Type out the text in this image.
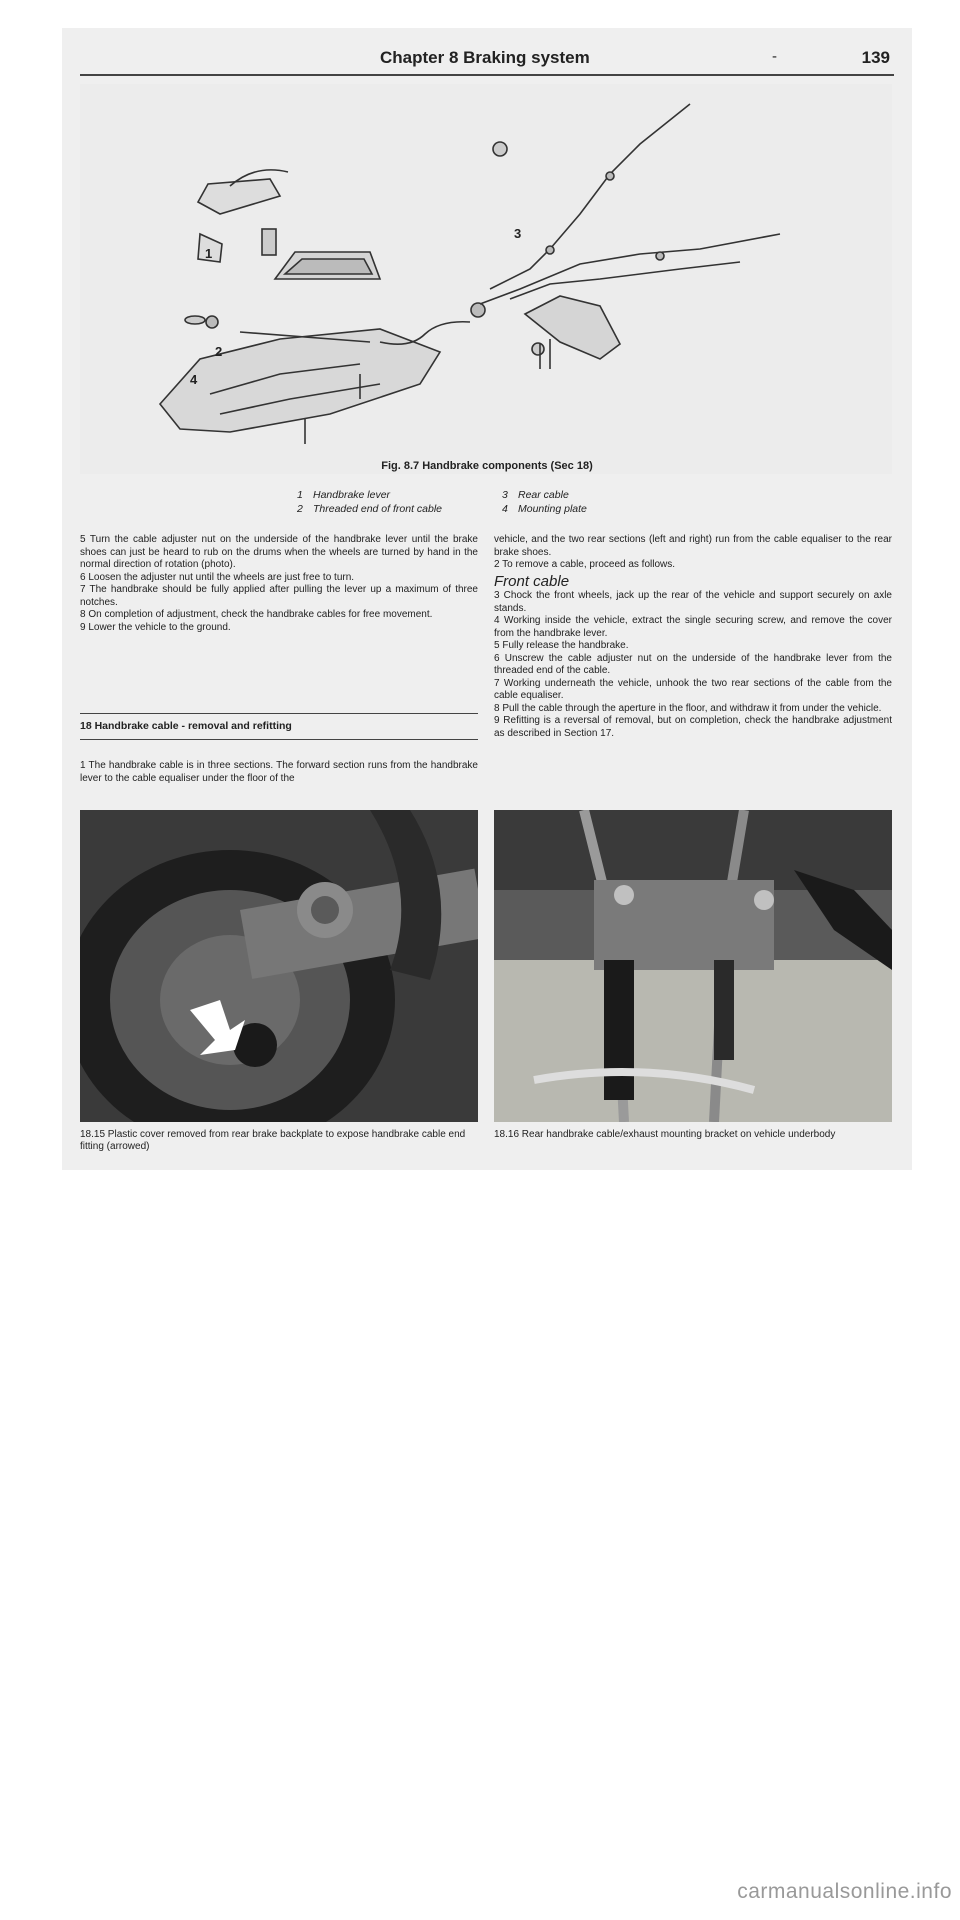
Chapter 8 Braking system	-	139
1
2
3
4
Fig. 8.7 Handbrake components (Sec 18)
1 Handbrake lever
2 Threaded end of front cable
3 Rear cable
4 Mounting plate

5 Turn the cable adjuster nut on the underside of the handbrake lever until the brake shoes can just be heard to rub on the drums when the wheels are turned by hand in the normal direction of rotation (photo).

6 Loosen the adjuster nut until the wheels are just free to turn.

7 The handbrake should be fully applied after pulling the lever up a maximum of three notches.

8 On completion of adjustment, check the handbrake cables for free movement.

9 Lower the vehicle to the ground.

18 Handbrake cable - removal and refitting

1 The handbrake cable is in three sections. The forward section runs from the handbrake lever to the cable equaliser under the floor of the

vehicle, and the two rear sections (left and right) run from the cable equaliser to the rear brake shoes.

2 To remove a cable, proceed as follows.

Front cable

3 Chock the front wheels, jack up the rear of the vehicle and support securely on axle stands.

4 Working inside the vehicle, extract the single securing screw, and remove the cover from the handbrake lever.

5 Fully release the handbrake.

6 Unscrew the cable adjuster nut on the underside of the handbrake lever from the threaded end of the cable.

7 Working underneath the vehicle, unhook the two rear sections of the cable from the cable equaliser.

8 Pull the cable through the aperture in the floor, and withdraw it from under the vehicle.

9 Refitting is a reversal of removal, but on completion, check the handbrake adjustment as described in Section 17.

18.15 Plastic cover removed from rear brake backplate to expose handbrake cable end fitting (arrowed)
18.16 Rear handbrake cable/exhaust mounting bracket on vehicle underbody
carmanualsonline.info
